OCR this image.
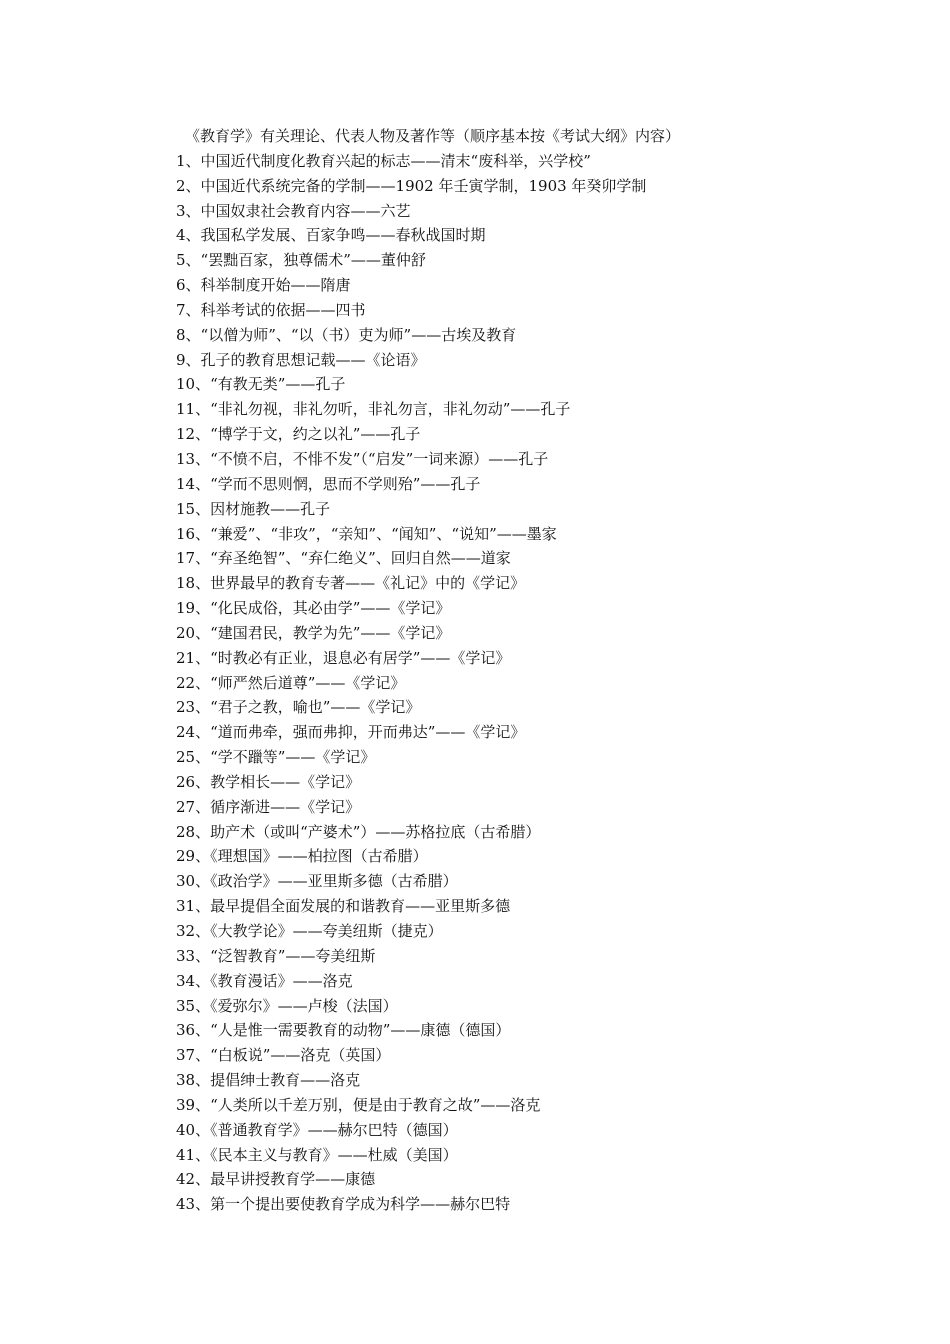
《教育学》有关理论、代表人物及著作等（顺序基本按《考试大纲》内容）
1、中国近代制度化教育兴起的标志——清末“废科举，兴学校”
2、中国近代系统完备的学制——1902 年壬寅学制，1903 年癸卯学制
3、中国奴隶社会教育内容——六艺
4、我国私学发展、百家争鸣——春秋战国时期
5、“罢黜百家，独尊儒术”——董仲舒
6、科举制度开始——隋唐
7、科举考试的依据——四书
8、“以僧为师”、“以（书）吏为师”——古埃及教育
9、孔子的教育思想记载——《论语》
10、“有教无类”——孔子
11、“非礼勿视，非礼勿听，非礼勿言，非礼勿动”——孔子
12、“博学于文，约之以礼”——孔子
13、“不愤不启，不悱不发”（“启发”一词来源）——孔子
14、“学而不思则惘，思而不学则殆”——孔子
15、因材施教——孔子
16、“兼爱”、“非攻”，“亲知”、“闻知”、“说知”——墨家
17、“弃圣绝智”、“弃仁绝义”、回归自然——道家
18、世界最早的教育专著——《礼记》中的《学记》
19、“化民成俗，其必由学”——《学记》
20、“建国君民，教学为先”——《学记》
21、“时教必有正业，退息必有居学”——《学记》
22、“师严然后道尊”——《学记》
23、“君子之教，喻也”——《学记》
24、“道而弗牵，强而弗抑，开而弗达”——《学记》
25、“学不躐等”——《学记》
26、教学相长——《学记》
27、循序渐进——《学记》
28、助产术（或叫“产婆术”）——苏格拉底（古希腊）
29、《理想国》——柏拉图（古希腊）
30、《政治学》——亚里斯多德（古希腊）
31、最早提倡全面发展的和谐教育——亚里斯多德
32、《大教学论》——夸美纽斯（捷克）
33、“泛智教育”——夸美纽斯
34、《教育漫话》——洛克
35、《爱弥尔》——卢梭（法国）
36、“人是惟一需要教育的动物”——康德（德国）
37、“白板说”——洛克（英国）
38、提倡绅士教育——洛克
39、“人类所以千差万别，便是由于教育之故”——洛克
40、《普通教育学》——赫尔巴特（德国）
41、《民本主义与教育》——杜威（美国）
42、最早讲授教育学——康德
43、第一个提出要使教育学成为科学——赫尔巴特
